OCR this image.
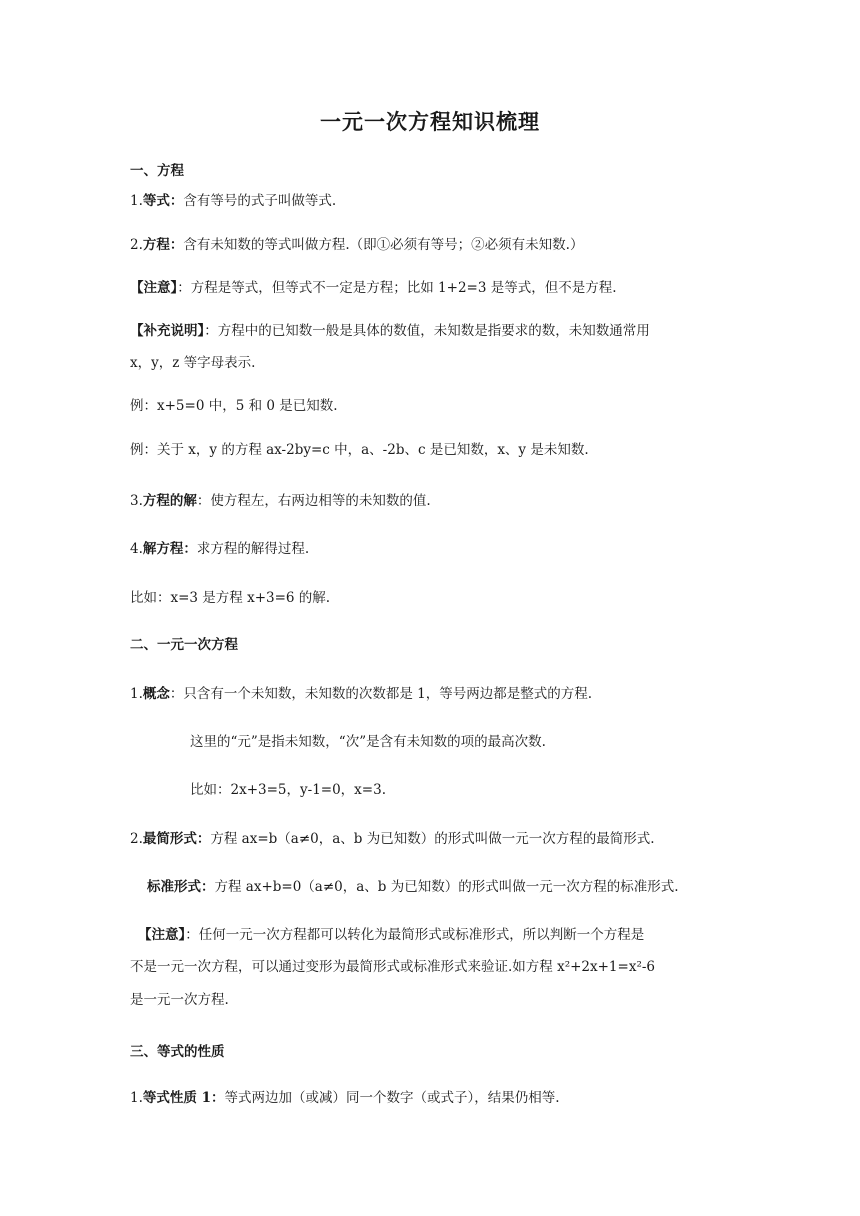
一元一次方程知识梳理
一、方程
1.等式：含有等号的式子叫做等式.
2.方程：含有未知数的等式叫做方程.（即①必须有等号；②必须有未知数.）
【注意】：方程是等式，但等式不一定是方程；比如 1+2=3 是等式，但不是方程.
【补充说明】：方程中的已知数一般是具体的数值，未知数是指要求的数，未知数通常用
x，y，z 等字母表示.
例：x+5=0 中，5 和 0 是已知数.
例：关于 x，y 的方程 ax-2by=c 中，a、-2b、c 是已知数，x、y 是未知数.
3.方程的解：使方程左，右两边相等的未知数的值.
4.解方程：求方程的解得过程.
比如：x=3 是方程 x+3=6 的解.
二、一元一次方程
1.概念：只含有一个未知数，未知数的次数都是 1，等号两边都是整式的方程.
这里的“元”是指未知数，“次”是含有未知数的项的最高次数.
比如：2x+3=5，y-1=0，x=3.
2.最简形式：方程 ax=b（a≠0，a、b 为已知数）的形式叫做一元一次方程的最简形式.
标准形式：方程 ax+b=0（a≠0，a、b 为已知数）的形式叫做一元一次方程的标准形式.
【注意】：任何一元一次方程都可以转化为最简形式或标准形式，所以判断一个方程是
不是一元一次方程，可以通过变形为最简形式或标准形式来验证.如方程 x²+2x+1=x²-6
是一元一次方程.
三、等式的性质
1.等式性质 1：等式两边加（或减）同一个数字（或式子），结果仍相等.
